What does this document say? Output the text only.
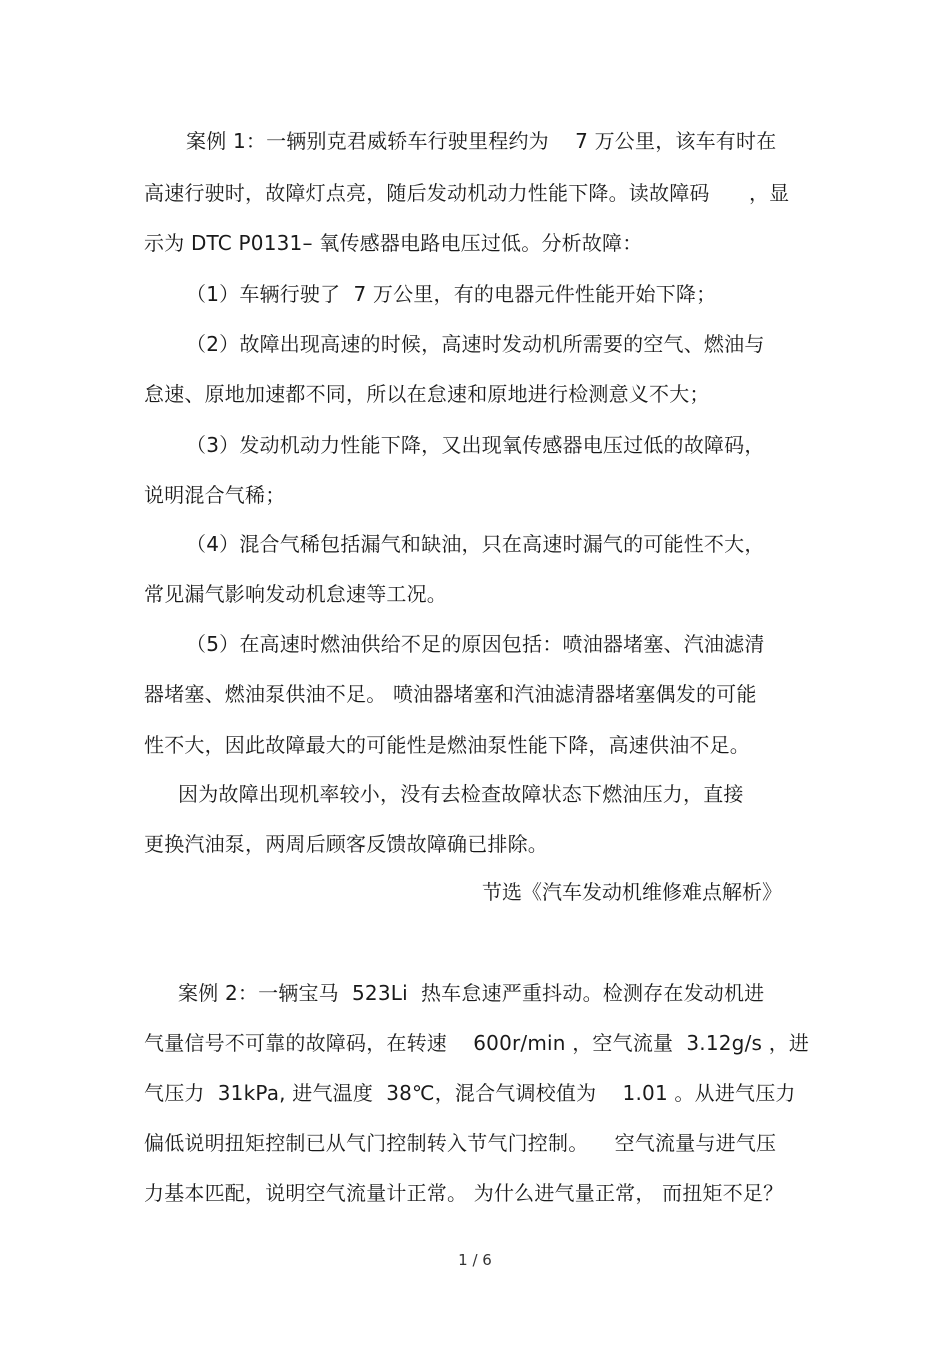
案例 1：一辆别克君威轿车行驶里程约为    7 万公里，该车有时在
高速行驶时，故障灯点亮，随后发动机动力性能下降。读故障码      ，显
示为 DTC P0131– 氧传感器电路电压过低。分析故障：
（1）车辆行驶了  7 万公里，有的电器元件性能开始下降；
（2）故障出现高速的时候，高速时发动机所需要的空气、燃油与
怠速、原地加速都不同，所以在怠速和原地进行检测意义不大；
（3）发动机动力性能下降，又出现氧传感器电压过低的故障码，
说明混合气稀；
（4）混合气稀包括漏气和缺油，只在高速时漏气的可能性不大，
常见漏气影响发动机怠速等工况。
（5）在高速时燃油供给不足的原因包括：喷油器堵塞、汽油滤清
器堵塞、燃油泵供油不足。 喷油器堵塞和汽油滤清器堵塞偶发的可能
性不大，因此故障最大的可能性是燃油泵性能下降，高速供油不足。
因为故障出现机率较小，没有去检查故障状态下燃油压力，直接
更换汽油泵，两周后顾客反馈故障确已排除。
节选《汽车发动机维修难点解析》
案例 2：一辆宝马  523Li  热车怠速严重抖动。检测存在发动机进
气量信号不可靠的故障码，在转速    600r/min ，空气流量  3.12g/s ，进
气压力  31kPa, 进气温度  38℃，混合气调校值为    1.01 。从进气压力
偏低说明扭矩控制已从气门控制转入节气门控制。    空气流量与进气压
力基本匹配，说明空气流量计正常。 为什么进气量正常， 而扭矩不足？
1 / 6
